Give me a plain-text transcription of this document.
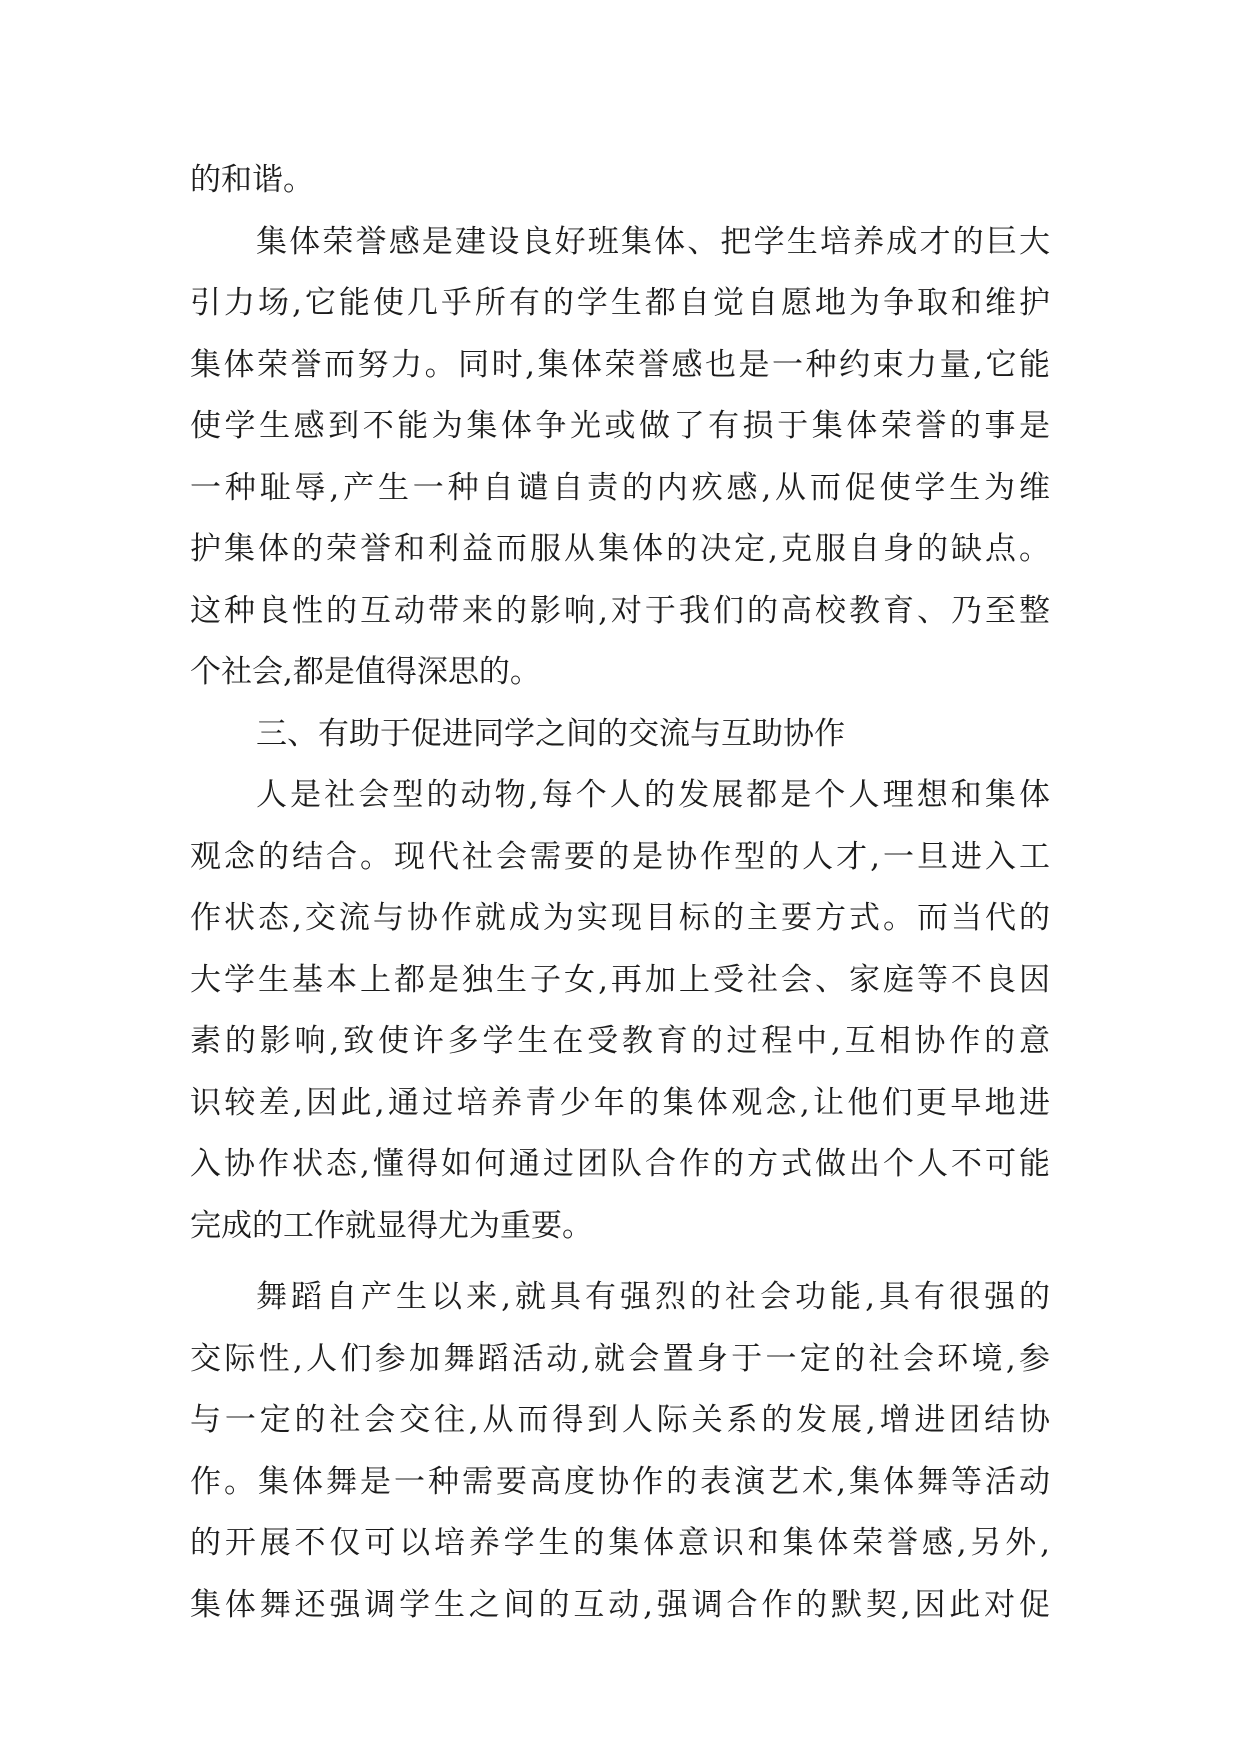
的和谐。
集体荣誉感是建设良好班集体、把学生培养成才的巨大
引力场,它能使几乎所有的学生都自觉自愿地为争取和维护
集体荣誉而努力。同时,集体荣誉感也是一种约束力量,它能
使学生感到不能为集体争光或做了有损于集体荣誉的事是
一种耻辱,产生一种自谴自责的内疚感,从而促使学生为维
护集体的荣誉和利益而服从集体的决定,克服自身的缺点。
这种良性的互动带来的影响,对于我们的高校教育、乃至整
个社会,都是值得深思的。
三、有助于促进同学之间的交流与互助协作
人是社会型的动物,每个人的发展都是个人理想和集体
观念的结合。现代社会需要的是协作型的人才,一旦进入工
作状态,交流与协作就成为实现目标的主要方式。而当代的
大学生基本上都是独生子女,再加上受社会、家庭等不良因
素的影响,致使许多学生在受教育的过程中,互相协作的意
识较差,因此,通过培养青少年的集体观念,让他们更早地进
入协作状态,懂得如何通过团队合作的方式做出个人不可能
完成的工作就显得尤为重要。
舞蹈自产生以来,就具有强烈的社会功能,具有很强的
交际性,人们参加舞蹈活动,就会置身于一定的社会环境,参
与一定的社会交往,从而得到人际关系的发展,增进团结协
作。集体舞是一种需要高度协作的表演艺术,集体舞等活动
的开展不仅可以培养学生的集体意识和集体荣誉感,另外,
集体舞还强调学生之间的互动,强调合作的默契,因此对促
